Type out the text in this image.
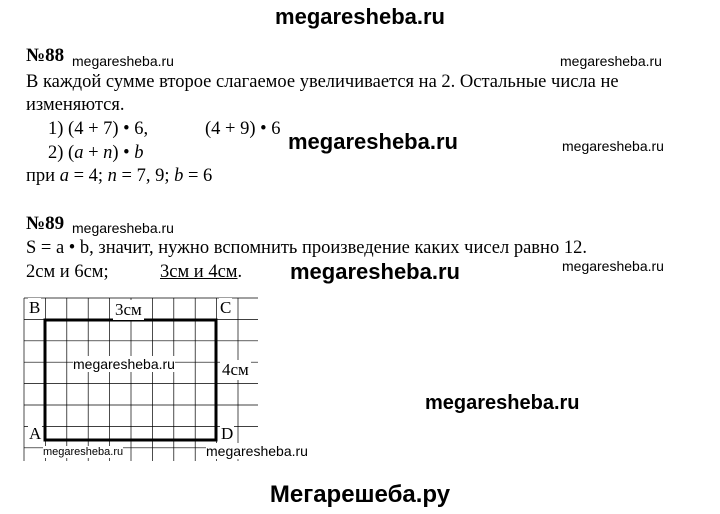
megaresheba.ru
№88 megaresheba.ru	megaresheba.ru
В каждой сумме второе слагаемое увеличивается на 2. Остальные числа не
изменяются.
1) (4 + 7) • 6,	(4 + 9) • 6 megaresheba.ru	megaresheba.ru
2) (a + n) • b
при a = 4; n = 7, 9; b = 6
№89 megaresheba.ru
S = a • b, значит, нужно вспомнить произведение каких чисел равно 12.
2см и 6см;	3см и 4см. megaresheba.ru	megaresheba.ru
B	C
A	D
3см
4см
megaresheba.ru
megaresheba.ru
megaresheba.ru	megaresheba.ru
Мегарешеба.ру
